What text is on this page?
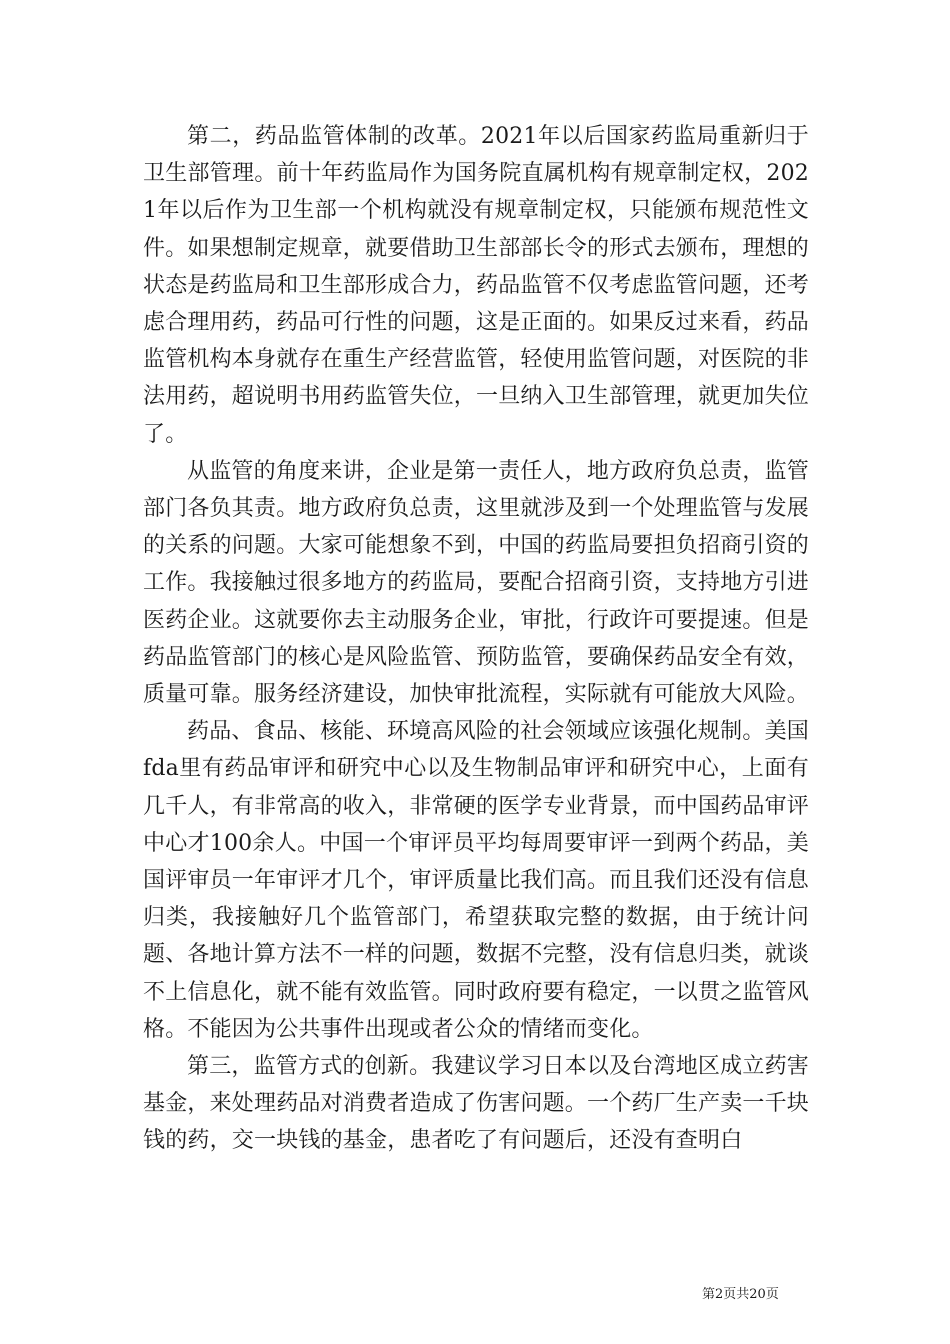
第二，药品监管体制的改革。2021年以后国家药监局重新归于卫生部管理。前十年药监局作为国务院直属机构有规章制定权，2021年以后作为卫生部一个机构就没有规章制定权，只能颁布规范性文件。如果想制定规章，就要借助卫生部部长令的形式去颁布，理想的状态是药监局和卫生部形成合力，药品监管不仅考虑监管问题，还考虑合理用药，药品可行性的问题，这是正面的。如果反过来看，药品监管机构本身就存在重生产经营监管，轻使用监管问题，对医院的非法用药，超说明书用药监管失位，一旦纳入卫生部管理，就更加失位了。

从监管的角度来讲，企业是第一责任人，地方政府负总责，监管部门各负其责。地方政府负总责，这里就涉及到一个处理监管与发展的关系的问题。大家可能想象不到，中国的药监局要担负招商引资的工作。我接触过很多地方的药监局，要配合招商引资，支持地方引进医药企业。这就要你去主动服务企业，审批，行政许可要提速。但是药品监管部门的核心是风险监管、预防监管，要确保药品安全有效，质量可靠。服务经济建设，加快审批流程，实际就有可能放大风险。

药品、食品、核能、环境高风险的社会领域应该强化规制。美国fda里有药品审评和研究中心以及生物制品审评和研究中心，上面有几千人，有非常高的收入，非常硬的医学专业背景，而中国药品审评中心才100余人。中国一个审评员平均每周要审评一到两个药品，美国评审员一年审评才几个，审评质量比我们高。而且我们还没有信息归类，我接触好几个监管部门，希望获取完整的数据，由于统计问题、各地计算方法不一样的问题，数据不完整，没有信息归类，就谈不上信息化，就不能有效监管。同时政府要有稳定，一以贯之监管风格。不能因为公共事件出现或者公众的情绪而变化。

第三，监管方式的创新。我建议学习日本以及台湾地区成立药害基金，来处理药品对消费者造成了伤害问题。一个药厂生产卖一千块钱的药，交一块钱的基金，患者吃了有问题后，还没有查明白

第2页共20页
